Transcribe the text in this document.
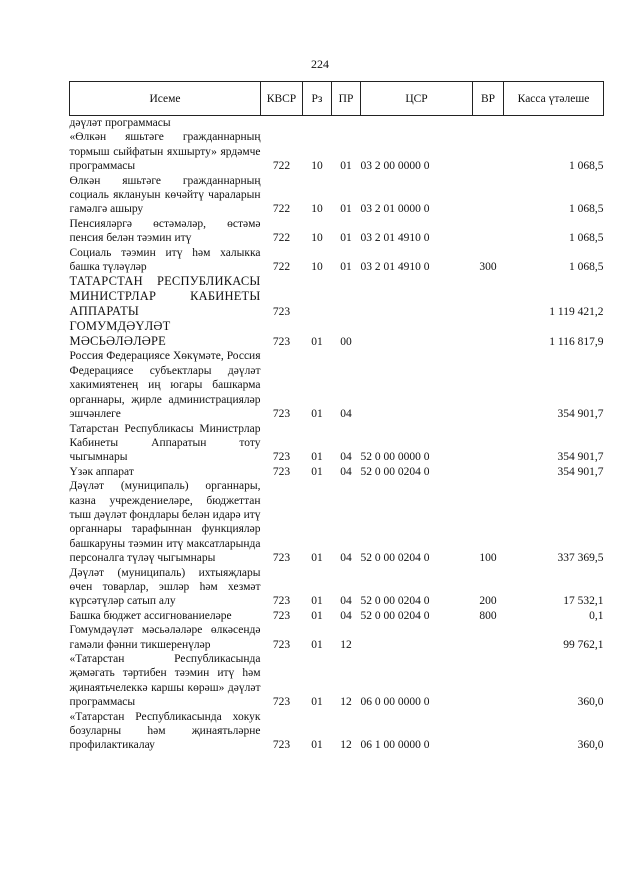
224
Исеме	КВСР	Рз	ПР	ЦСР	ВР	Касса үтәлеше
дәүләт программасы						
«Өлкән яшьтәге гражданнарның тормыш сыйфатын яхшырту» ярдәмче программасы	722	10	01	03 2 00 0000 0		1 068,5
Өлкән яшьтәге гражданнарның социаль яклануын көчәйтү чараларын гамәлгә ашыру	722	10	01	03 2 01 0000 0		1 068,5
Пенсияләргә өстәмәләр, өстәмә пенсия белән тәэмин итү	722	10	01	03 2 01 4910 0		1 068,5
Социаль тәэмин итү һәм халыкка башка түләүләр	722	10	01	03 2 01 4910 0	300	1 068,5
ТАТАРСТАН РЕСПУБЛИКАСЫ МИНИСТРЛАР КАБИНЕТЫ АППАРАТЫ	723					1 119 421,2
ГОМУМДӘҮЛӘТ МӘСЬӘЛӘЛӘРЕ	723	01	00			1 116 817,9
Россия Федерациясе Хөкүмәте, Россия Федерациясе субъектлары дәүләт хакимиятенең иң югары башкарма органнары, җирле администрацияләр эшчәнлеге	723	01	04			354 901,7
Татарстан Республикасы Министрлар Кабинеты Аппаратын тоту чыгымнары	723	01	04	52 0 00 0000 0		354 901,7
Үзәк аппарат	723	01	04	52 0 00 0204 0		354 901,7
Дәүләт (муниципаль) органнары, казна учреждениеләре, бюджеттан тыш дәүләт фондлары белән идарә итү органнары тарафыннан функцияләр башкаруны тәэмин итү максатларында персоналга түләү чыгымнары	723	01	04	52 0 00 0204 0	100	337 369,5
Дәүләт (муниципаль) ихтыяҗлары өчен товарлар, эшләр һәм хезмәт күрсәтүләр сатып алу	723	01	04	52 0 00 0204 0	200	17 532,1
Башка бюджет ассигнованиеләре	723	01	04	52 0 00 0204 0	800	0,1
Гомумдәүләт мәсьәләләре өлкәсендә гамәли фәнни тикшеренүләр	723	01	12			99 762,1
«Татарстан Республикасында җәмәгать тәртибен тәэмин итү һәм җинаятьчелеккә каршы көрәш» дәүләт программасы	723	01	12	06 0 00 0000 0		360,0
«Татарстан Республикасында хокук бозуларны һәм җинаятьләрне профилактикалау	723	01	12	06 1 00 0000 0		360,0
